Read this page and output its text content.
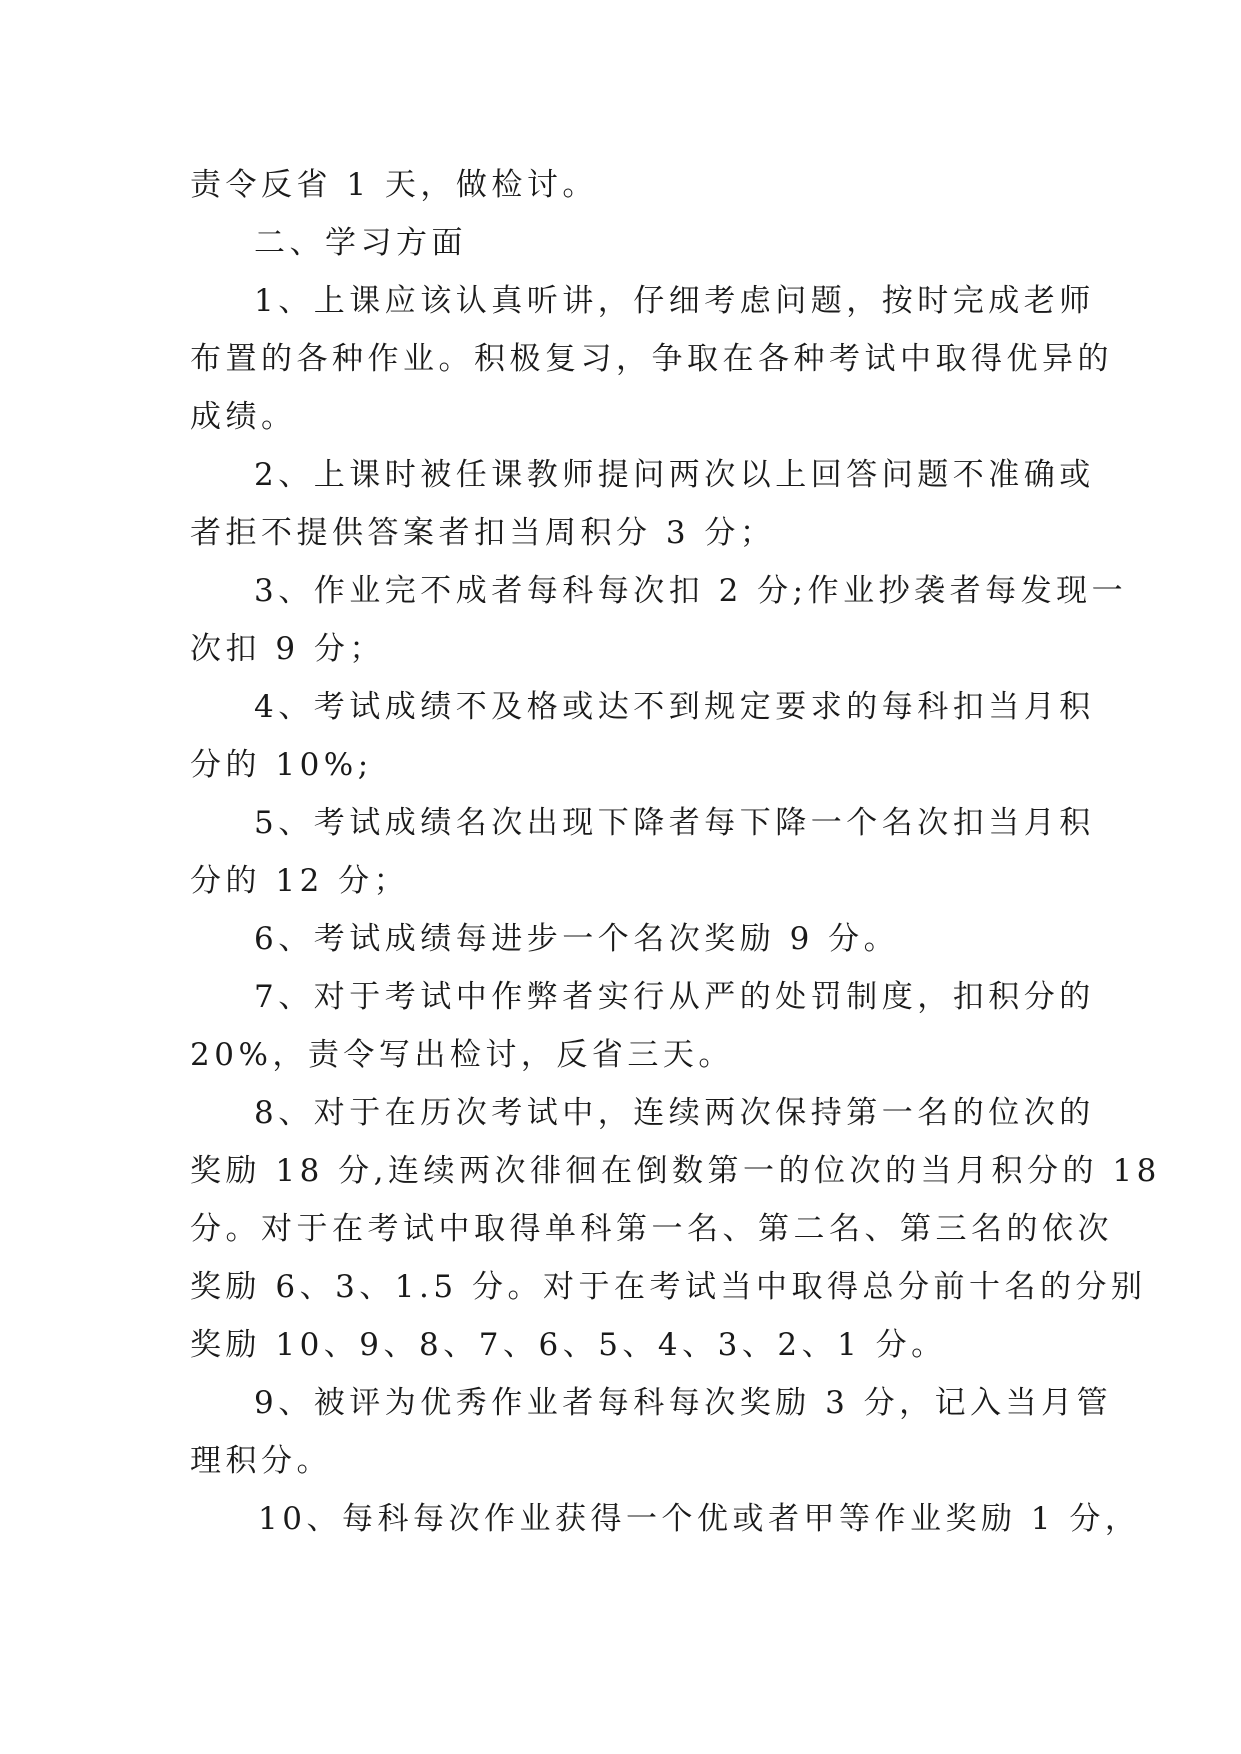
责令反省 1 天，做检讨。
二、学习方面
1、上课应该认真听讲，仔细考虑问题，按时完成老师
布置的各种作业。积极复习，争取在各种考试中取得优异的
成绩。
2、上课时被任课教师提问两次以上回答问题不准确或
者拒不提供答案者扣当周积分 3 分；
3、作业完不成者每科每次扣 2 分;作业抄袭者每发现一
次扣 9 分；
4、考试成绩不及格或达不到规定要求的每科扣当月积
分的 10%;
5、考试成绩名次出现下降者每下降一个名次扣当月积
分的 12 分；
6、考试成绩每进步一个名次奖励 9 分。
7、对于考试中作弊者实行从严的处罚制度，扣积分的
20%，责令写出检讨，反省三天。
8、对于在历次考试中，连续两次保持第一名的位次的
奖励 18 分,连续两次徘徊在倒数第一的位次的当月积分的 18
分。对于在考试中取得单科第一名、第二名、第三名的依次
奖励 6、3、1.5 分。对于在考试当中取得总分前十名的分别
奖励 10、9、8、7、6、5、4、3、2、1 分。
9、被评为优秀作业者每科每次奖励 3 分，记入当月管
理积分。
10、每科每次作业获得一个优或者甲等作业奖励 1 分，
